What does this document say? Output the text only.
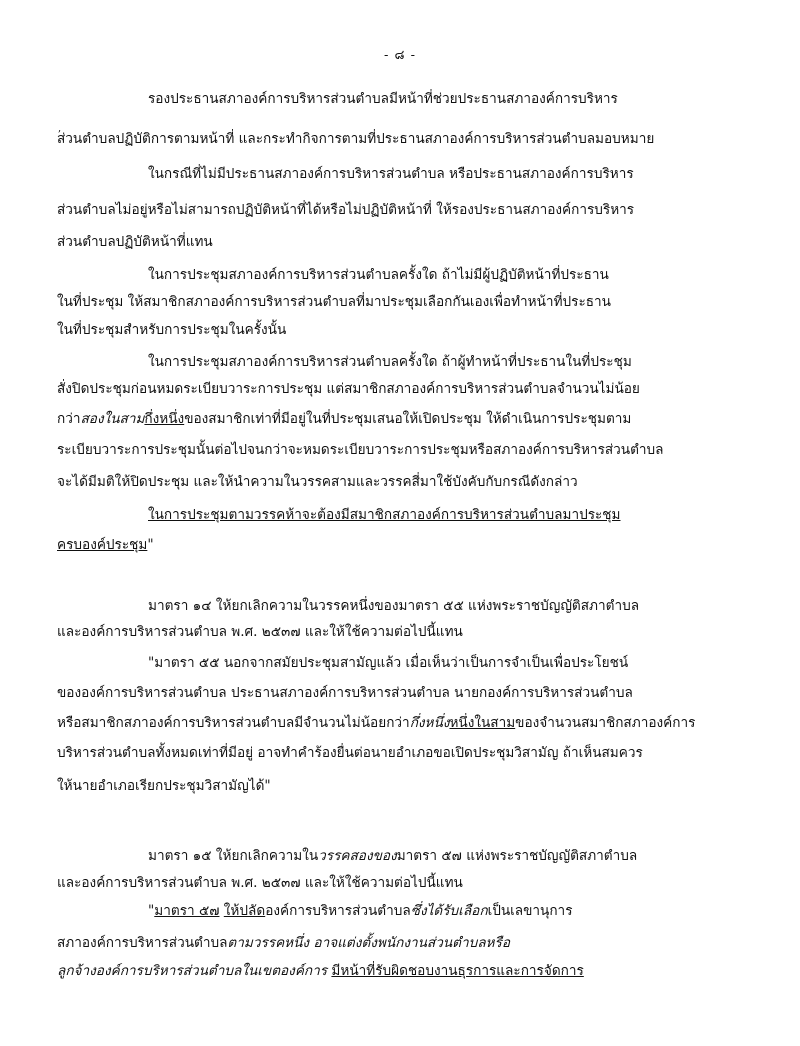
- ๘ -
,
รองประธานสภาองค์การบริหารส่วนตำบลมีหน้าที่ช่วยประธานสภาองค์การบริหาร
ส่วนตำบลปฏิบัติการตามหน้าที่ และกระทำกิจการตามที่ประธานสภาองค์การบริหารส่วนตำบลมอบหมาย
ในกรณีที่ไม่มีประธานสภาองค์การบริหารส่วนตำบล หรือประธานสภาองค์การบริหาร
ส่วนตำบลไม่อยู่หรือไม่สามารถปฏิบัติหน้าที่ได้หรือไม่ปฏิบัติหน้าที่ ให้รองประธานสภาองค์การบริหาร
ส่วนตำบลปฏิบัติหน้าที่แทน
ในการประชุมสภาองค์การบริหารส่วนตำบลครั้งใด ถ้าไม่มีผู้ปฏิบัติหน้าที่ประธาน
ในที่ประชุม ให้สมาชิกสภาองค์การบริหารส่วนตำบลที่มาประชุมเลือกกันเองเพื่อทำหน้าที่ประธาน
ในที่ประชุมสำหรับการประชุมในครั้งนั้น
ในการประชุมสภาองค์การบริหารส่วนตำบลครั้งใด ถ้าผู้ทำหน้าที่ประธานในที่ประชุม
สั่งปิดประชุมก่อนหมดระเบียบวาระการประชุม แต่สมาชิกสภาองค์การบริหารส่วนตำบลจำนวนไม่น้อย
กว่าสองในสามกึ่งหนึ่งของสมาชิกเท่าที่มีอยู่ในที่ประชุมเสนอให้เปิดประชุม ให้ดำเนินการประชุมตาม
ระเบียบวาระการประชุมนั้นต่อไปจนกว่าจะหมดระเบียบวาระการประชุมหรือสภาองค์การบริหารส่วนตำบล
จะได้มีมติให้ปิดประชุม และให้นำความในวรรคสามและวรรคสี่มาใช้บังคับกับกรณีดังกล่าว
ในการประชุมตามวรรคห้าจะต้องมีสมาชิกสภาองค์การบริหารส่วนตำบลมาประชุม
ครบองค์ประชุม"
มาตรา ๑๔ ให้ยกเลิกความในวรรคหนึ่งของมาตรา ๕๕ แห่งพระราชบัญญัติสภาตำบล
และองค์การบริหารส่วนตำบล พ.ศ. ๒๕๓๗ และให้ใช้ความต่อไปนี้แทน
"มาตรา ๕๕ นอกจากสมัยประชุมสามัญแล้ว เมื่อเห็นว่าเป็นการจำเป็นเพื่อประโยชน์
ขององค์การบริหารส่วนตำบล ประธานสภาองค์การบริหารส่วนตำบล นายกองค์การบริหารส่วนตำบล
หรือสมาชิกสภาองค์การบริหารส่วนตำบลมีจำนวนไม่น้อยกว่ากึ่งหนึ่งหนึ่งในสามของจำนวนสมาชิกสภาองค์การ
บริหารส่วนตำบลทั้งหมดเท่าที่มีอยู่ อาจทำคำร้องยื่นต่อนายอำเภอขอเปิดประชุมวิสามัญ ถ้าเห็นสมควร
ให้นายอำเภอเรียกประชุมวิสามัญได้"
มาตรา ๑๕ ให้ยกเลิกความในวรรคสองของมาตรา ๕๗ แห่งพระราชบัญญัติสภาตำบล
และองค์การบริหารส่วนตำบล พ.ศ. ๒๕๓๗ และให้ใช้ความต่อไปนี้แทน
"มาตรา ๕๗ ให้ปลัดองค์การบริหารส่วนตำบลซึ่งได้รับเลือกเป็นเลขานุการ
สภาองค์การบริหารส่วนตำบลตามวรรคหนึ่ง อาจแต่งตั้งพนักงานส่วนตำบลหรือ
ลูกจ้างองค์การบริหารส่วนตำบลในเขตองค์การ มีหน้าที่รับผิดชอบงานธุรการและการจัดการ
